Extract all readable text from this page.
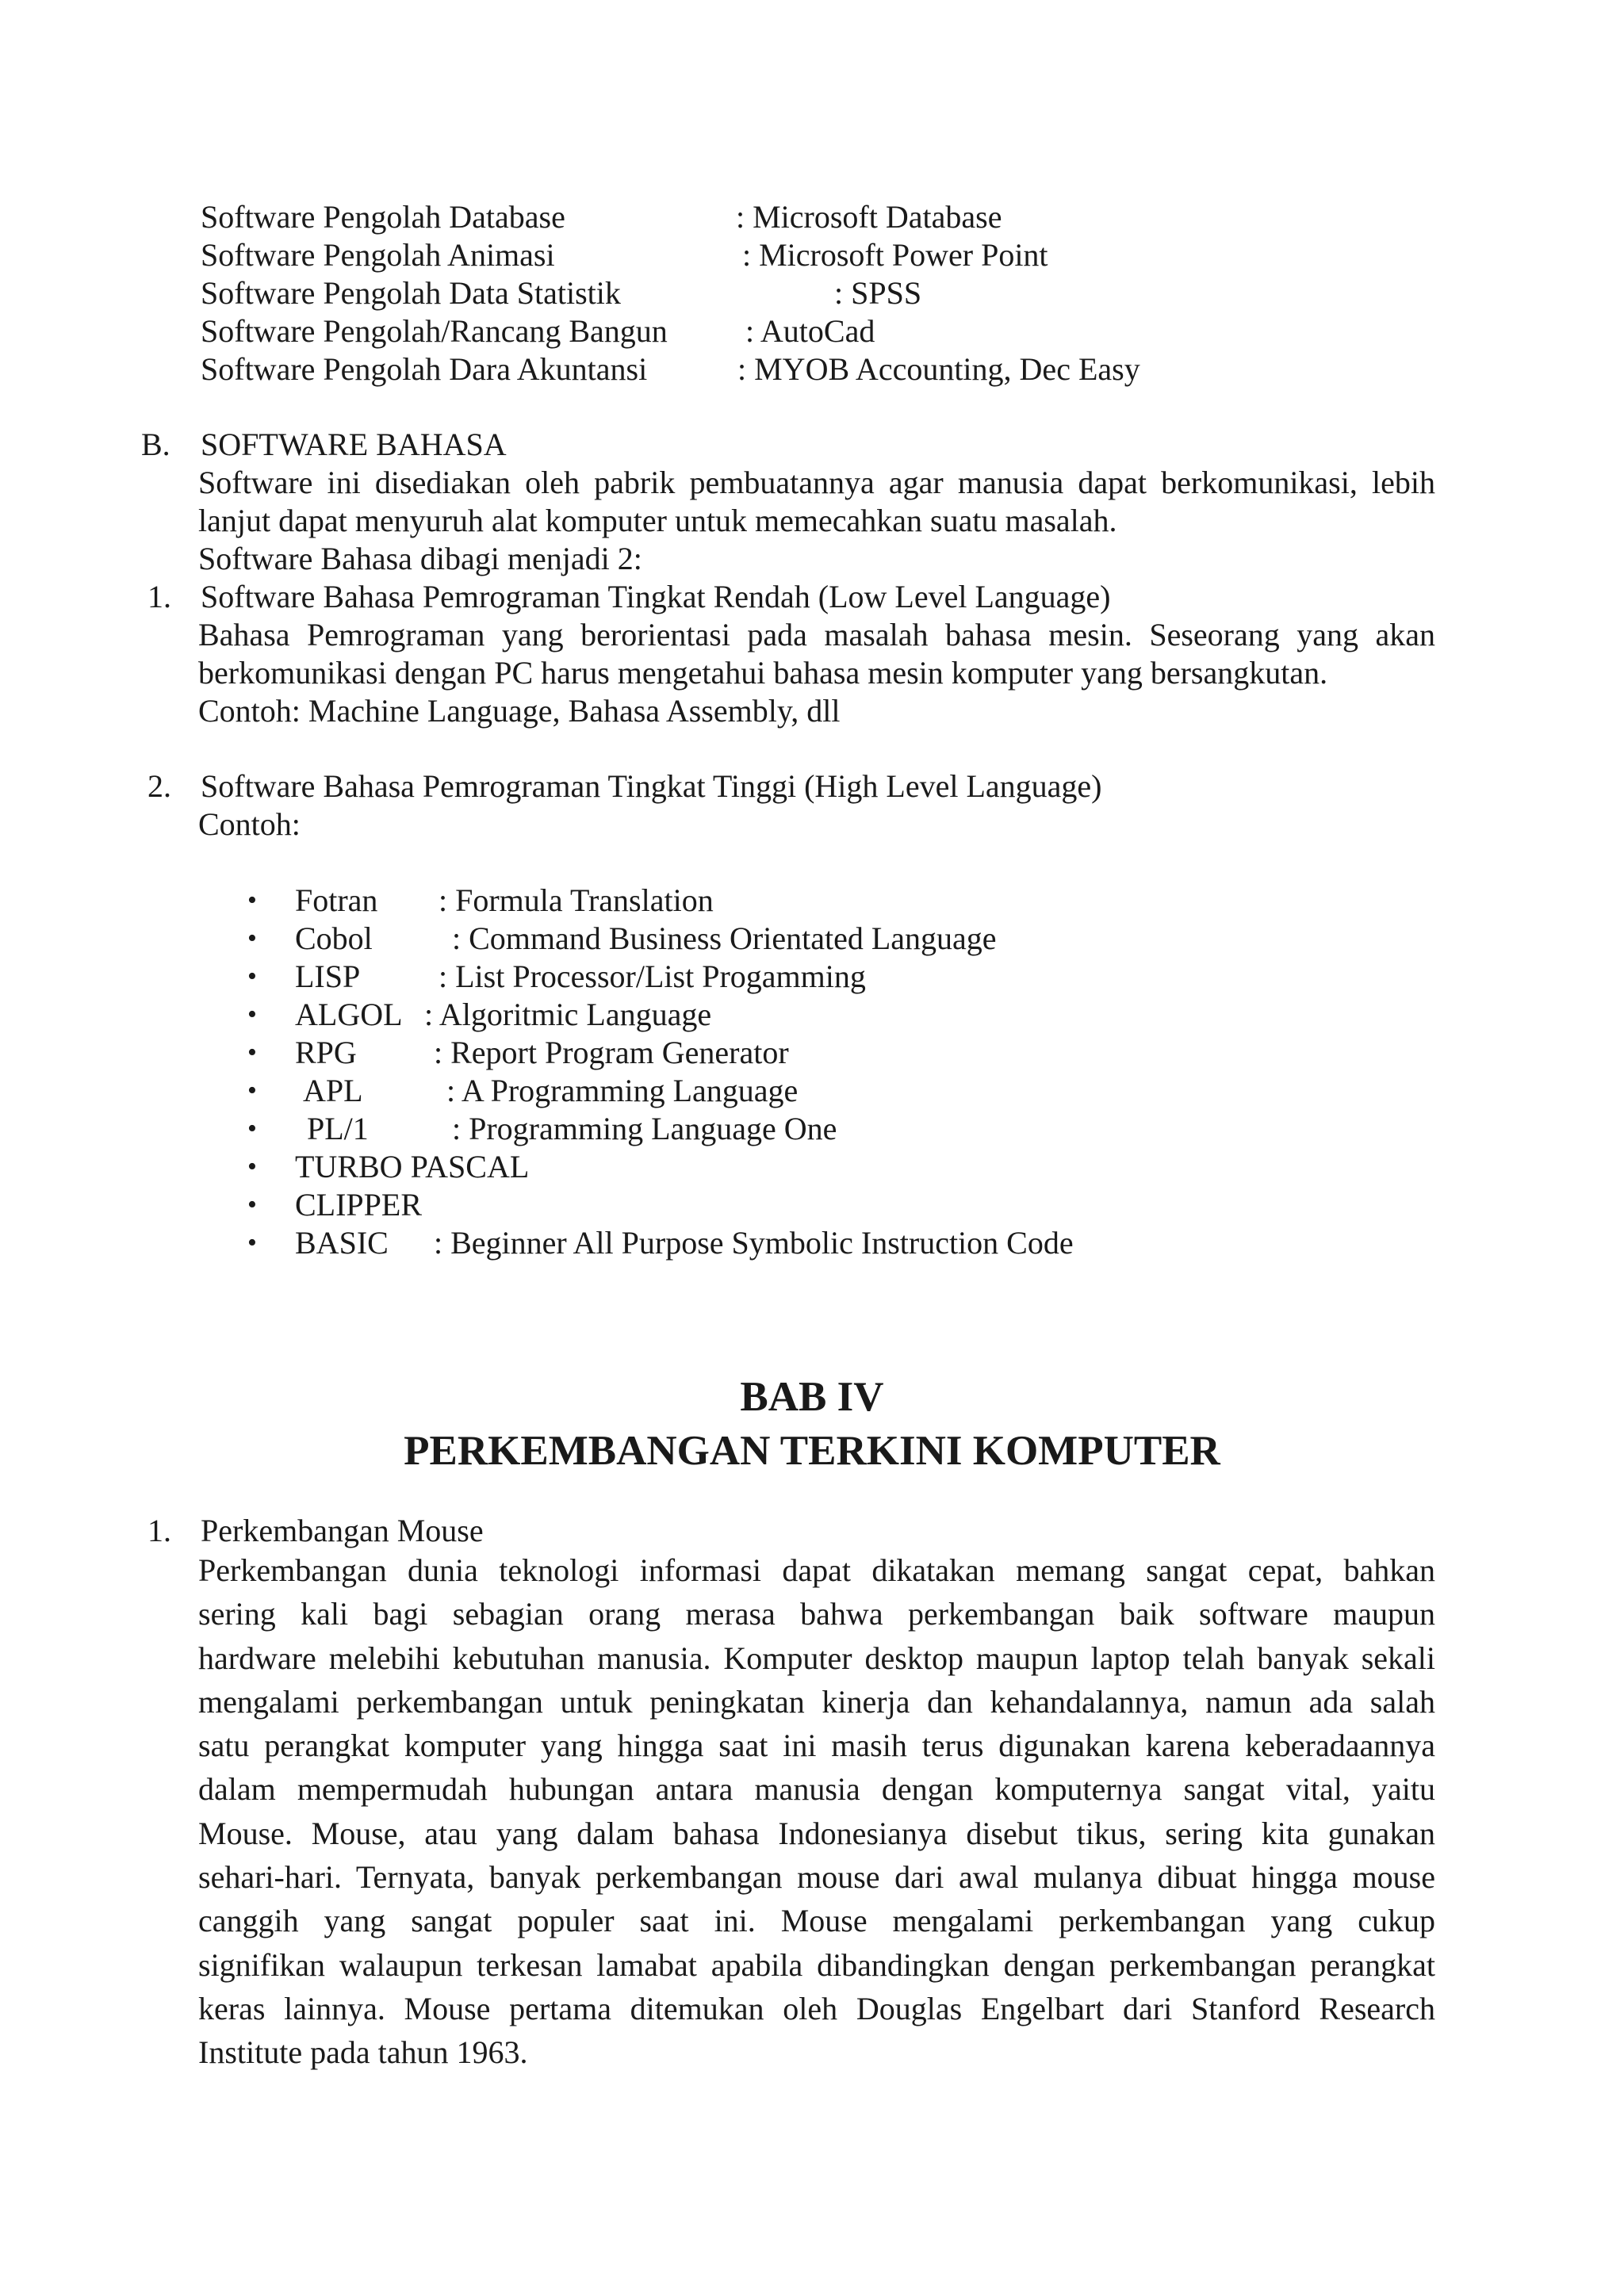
Software Pengolah Database	: Microsoft Database
Software Pengolah Animasi	: Microsoft Power Point
Software Pengolah Data Statistik	: SPSS
Software Pengolah/Rancang Bangun : AutoCad
Software Pengolah Dara Akuntansi	: MYOB Accounting, Dec Easy
B. SOFTWARE BAHASA
Software ini disediakan oleh pabrik pembuatannya agar manusia dapat berkomunikasi, lebih
lanjut dapat menyuruh alat komputer untuk memecahkan suatu masalah.
Software Bahasa dibagi menjadi 2:
1. Software Bahasa Pemrograman Tingkat Rendah (Low Level Language)
Bahasa Pemrograman yang berorientasi pada masalah bahasa mesin. Seseorang yang akan
berkomunikasi dengan PC harus mengetahui bahasa mesin komputer yang bersangkutan.
Contoh: Machine Language, Bahasa Assembly, dll
2. Software Bahasa Pemrograman Tingkat Tinggi (High Level Language)
Contoh:
• Fotran : Formula Translation
• Cobol	: Command Business Orientated Language
• LISP : List Processor/List Progamming
• ALGOL : Algoritmic Language
• RPG : Report Program Generator
• APL	: A Programming Language
• PL/1	: Programming Language One
• TURBO PASCAL
• CLIPPER
• BASIC : Beginner All Purpose Symbolic Instruction Code
BAB IV
PERKEMBANGAN TERKINI KOMPUTER
1. Perkembangan Mouse
Perkembangan dunia teknologi informasi dapat dikatakan memang sangat cepat, bahkan
sering kali bagi sebagian orang merasa bahwa perkembangan baik software maupun
hardware melebihi kebutuhan manusia. Komputer desktop maupun laptop telah banyak sekali
mengalami perkembangan untuk peningkatan kinerja dan kehandalannya, namun ada salah
satu perangkat komputer yang hingga saat ini masih terus digunakan karena keberadaannya
dalam mempermudah hubungan antara manusia dengan komputernya sangat vital, yaitu
Mouse. Mouse, atau yang dalam bahasa Indonesianya disebut tikus, sering kita gunakan
sehari-hari. Ternyata, banyak perkembangan mouse dari awal mulanya dibuat hingga mouse
canggih yang sangat populer saat ini. Mouse mengalami perkembangan yang cukup
signifikan walaupun terkesan lamabat apabila dibandingkan dengan perkembangan perangkat
keras lainnya. Mouse pertama ditemukan oleh Douglas Engelbart dari Stanford Research
Institute pada tahun 1963.
